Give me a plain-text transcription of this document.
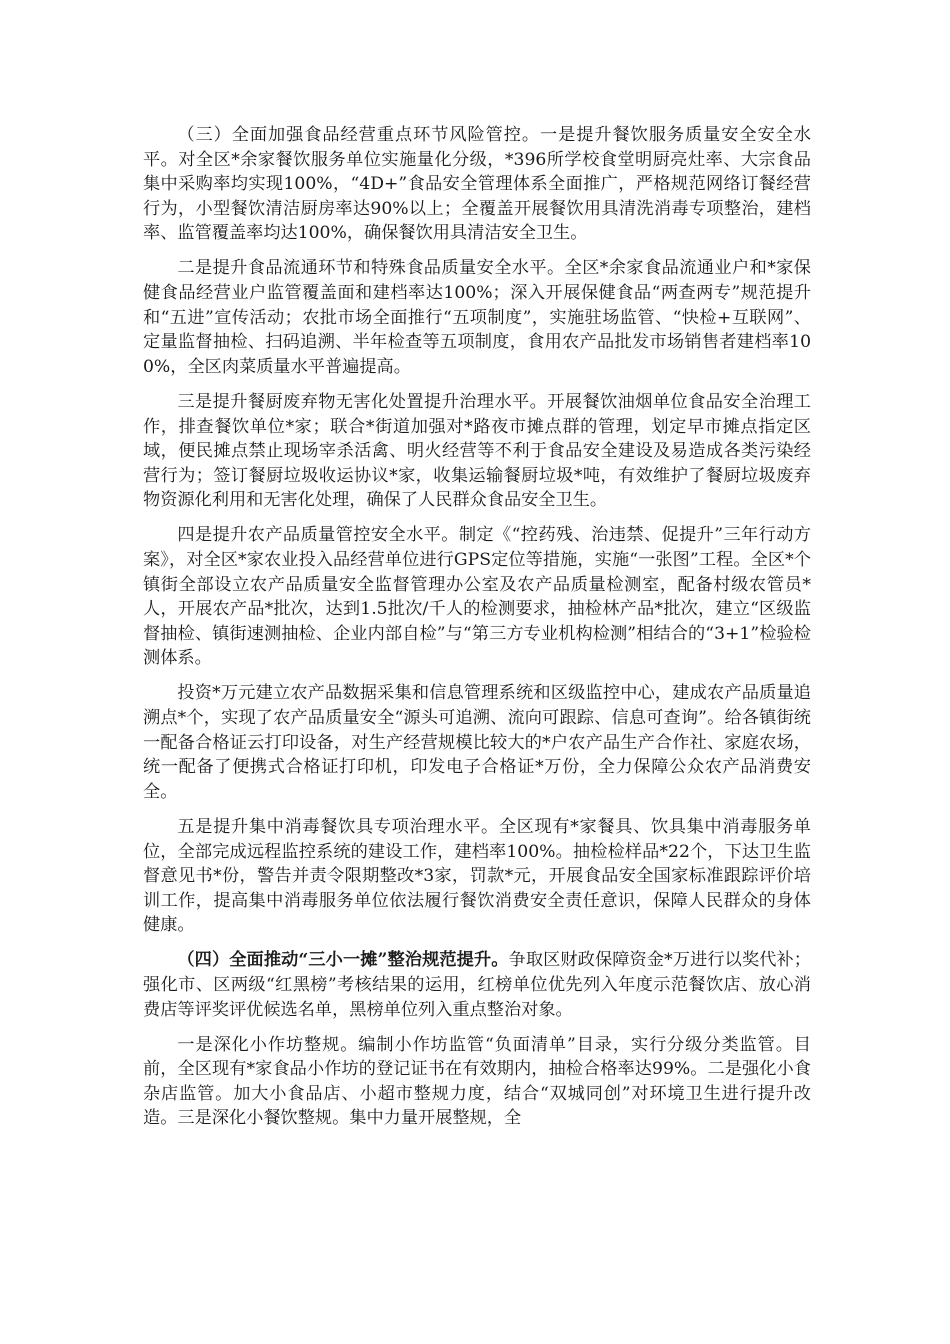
（三）全面加强食品经营重点环节风险管控。一是提升餐饮服务质量安全安全水平。对全区*余家餐饮服务单位实施量化分级，*396所学校食堂明厨亮灶率、大宗食品集中采购率均实现100%，“4D+”食品安全管理体系全面推广，严格规范网络订餐经营行为，小型餐饮清洁厨房率达90%以上；全覆盖开展餐饮用具清洗消毒专项整治，建档率、监管覆盖率均达100%，确保餐饮用具清洁安全卫生。

二是提升食品流通环节和特殊食品质量安全水平。全区*余家食品流通业户和*家保健食品经营业户监管覆盖面和建档率达100%；深入开展保健食品“两查两专”规范提升和“五进”宣传活动；农批市场全面推行“五项制度”，实施驻场监管、“快检+互联网”、定量监督抽检、扫码追溯、半年检查等五项制度，食用农产品批发市场销售者建档率100%，全区肉菜质量水平普遍提高。

三是提升餐厨废弃物无害化处置提升治理水平。开展餐饮油烟单位食品安全治理工作，排查餐饮单位*家；联合*街道加强对*路夜市摊点群的管理，划定早市摊点指定区域，便民摊点禁止现场宰杀活禽、明火经营等不利于食品安全建设及易造成各类污染经营行为；签订餐厨垃圾收运协议*家，收集运输餐厨垃圾*吨，有效维护了餐厨垃圾废弃物资源化利用和无害化处理，确保了人民群众食品安全卫生。

四是提升农产品质量管控安全水平。制定《“控药残、治违禁、促提升”三年行动方案》，对全区*家农业投入品经营单位进行GPS定位等措施，实施“一张图”工程。全区*个镇街全部设立农产品质量安全监督管理办公室及农产品质量检测室，配备村级农管员*人，开展农产品*批次，达到1.5批次/千人的检测要求，抽检林产品*批次，建立“区级监督抽检、镇街速测抽检、企业内部自检”与“第三方专业机构检测”相结合的“3+1”检验检测体系。

投资*万元建立农产品数据采集和信息管理系统和区级监控中心，建成农产品质量追溯点*个，实现了农产品质量安全“源头可追溯、流向可跟踪、信息可查询”。给各镇街统一配备合格证云打印设备，对生产经营规模比较大的*户农产品生产合作社、家庭农场，统一配备了便携式合格证打印机，印发电子合格证*万份，全力保障公众农产品消费安全。

五是提升集中消毒餐饮具专项治理水平。全区现有*家餐具、饮具集中消毒服务单位，全部完成远程监控系统的建设工作，建档率100%。抽检检样品*22个，下达卫生监督意见书*份，警告并责令限期整改*3家，罚款*元，开展食品安全国家标准跟踪评价培训工作，提高集中消毒服务单位依法履行餐饮消费安全责任意识，保障人民群众的身体健康。

（四）全面推动“三小一摊”整治规范提升。争取区财政保障资金*万进行以奖代补；强化市、区两级“红黑榜”考核结果的运用，红榜单位优先列入年度示范餐饮店、放心消费店等评奖评优候选名单，黑榜单位列入重点整治对象。

一是深化小作坊整规。编制小作坊监管“负面清单”目录，实行分级分类监管。目前，全区现有*家食品小作坊的登记证书在有效期内，抽检合格率达99%。二是强化小食杂店监管。加大小食品店、小超市整规力度，结合“双城同创”对环境卫生进行提升改造。三是深化小餐饮整规。集中力量开展整规，全
